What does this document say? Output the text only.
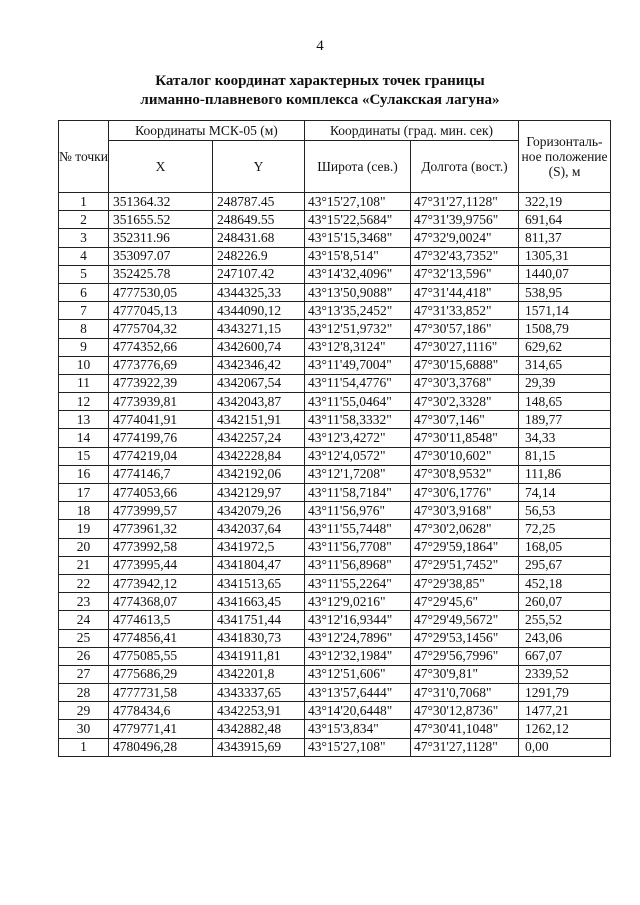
4
Каталог координат характерных точек границы
лиманно-плавневого комплекса «Сулакская лагуна»
№ точки	Координаты МСК-05 (м)		Координаты (град. мин. сек)		Горизонталь-ное положение (S), м
	X	Y	Широта (сев.)	Долгота (вост.)	
1	351364.32	248787.45	43°15'27,108"	47°31'27,1128"	322,19
2	351655.52	248649.55	43°15'22,5684"	47°31'39,9756"	691,64
3	352311.96	248431.68	43°15'15,3468"	47°32'9,0024"	811,37
4	353097.07	248226.9	43°15'8,514"	47°32'43,7352"	1305,31
5	352425.78	247107.42	43°14'32,4096"	47°32'13,596"	1440,07
6	4777530,05	4344325,33	43°13'50,9088"	47°31'44,418"	538,95
7	4777045,13	4344090,12	43°13'35,2452"	47°31'33,852"	1571,14
8	4775704,32	4343271,15	43°12'51,9732"	47°30'57,186"	1508,79
9	4774352,66	4342600,74	43°12'8,3124"	47°30'27,1116"	629,62
10	4773776,69	4342346,42	43°11'49,7004"	47°30'15,6888"	314,65
11	4773922,39	4342067,54	43°11'54,4776"	47°30'3,3768"	29,39
12	4773939,81	4342043,87	43°11'55,0464"	47°30'2,3328"	148,65
13	4774041,91	4342151,91	43°11'58,3332"	47°30'7,146"	189,77
14	4774199,76	4342257,24	43°12'3,4272"	47°30'11,8548"	34,33
15	4774219,04	4342228,84	43°12'4,0572"	47°30'10,602"	81,15
16	4774146,7	4342192,06	43°12'1,7208"	47°30'8,9532"	111,86
17	4774053,66	4342129,97	43°11'58,7184"	47°30'6,1776"	74,14
18	4773999,57	4342079,26	43°11'56,976"	47°30'3,9168"	56,53
19	4773961,32	4342037,64	43°11'55,7448"	47°30'2,0628"	72,25
20	4773992,58	4341972,5	43°11'56,7708"	47°29'59,1864"	168,05
21	4773995,44	4341804,47	43°11'56,8968"	47°29'51,7452"	295,67
22	4773942,12	4341513,65	43°11'55,2264"	47°29'38,85"	452,18
23	4774368,07	4341663,45	43°12'9,0216"	47°29'45,6"	260,07
24	4774613,5	4341751,44	43°12'16,9344"	47°29'49,5672"	255,52
25	4774856,41	4341830,73	43°12'24,7896"	47°29'53,1456"	243,06
26	4775085,55	4341911,81	43°12'32,1984"	47°29'56,7996"	667,07
27	4775686,29	4342201,8	43°12'51,606"	47°30'9,81"	2339,52
28	4777731,58	4343337,65	43°13'57,6444"	47°31'0,7068"	1291,79
29	4778434,6	4342253,91	43°14'20,6448"	47°30'12,8736"	1477,21
30	4779771,41	4342882,48	43°15'3,834"	47°30'41,1048"	1262,12
1	4780496,28	4343915,69	43°15'27,108"	47°31'27,1128"	0,00
